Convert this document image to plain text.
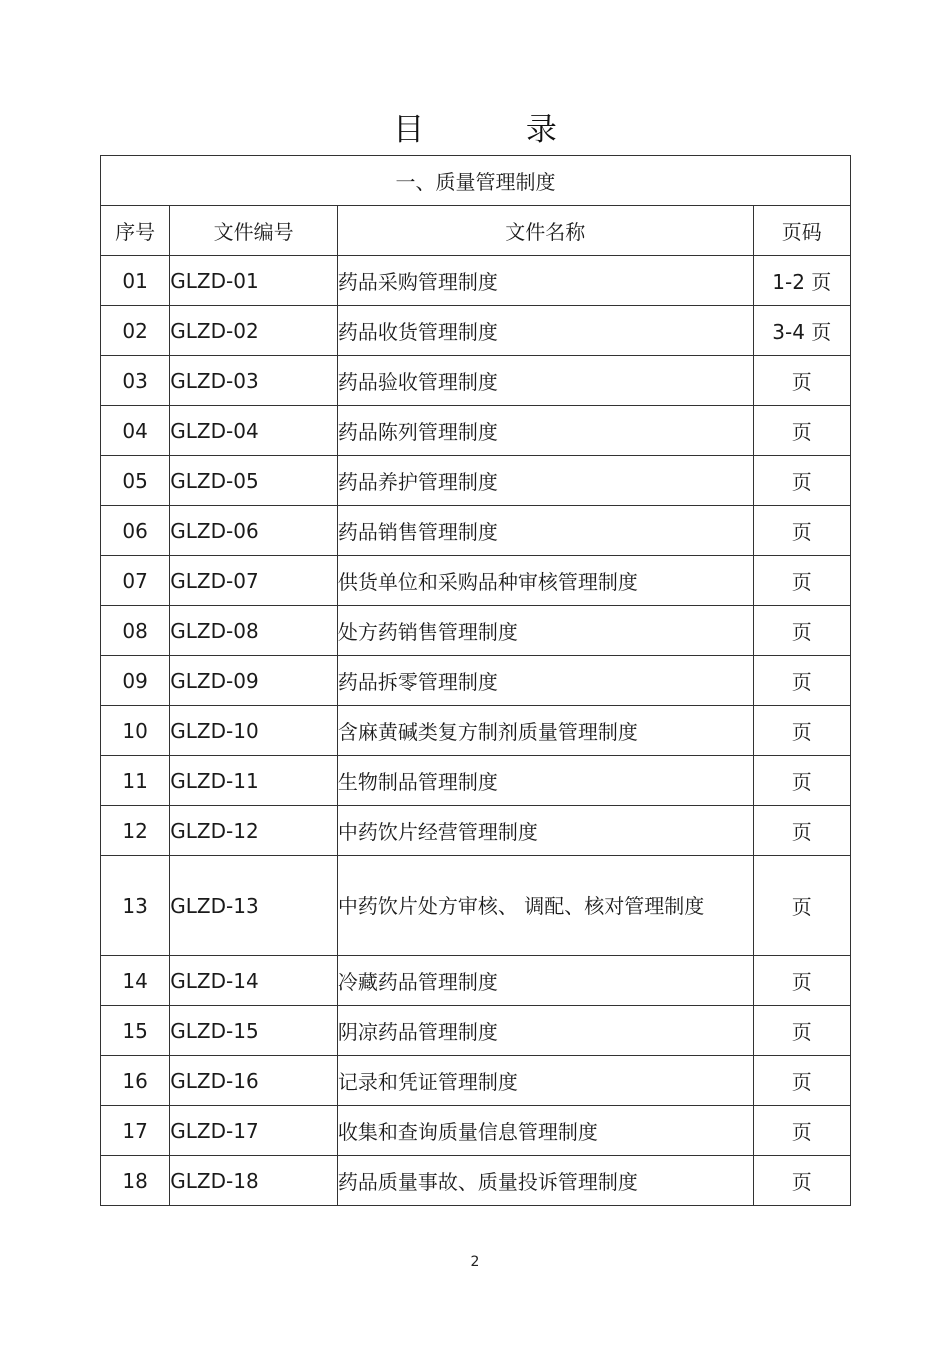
目 录
一、质量管理制度			
序号	文件编号	文件名称	页码
01	GLZD-01	药品采购管理制度	1-2 页
02	GLZD-02	药品收货管理制度	3-4 页
03	GLZD-03	药品验收管理制度	页
04	GLZD-04	药品陈列管理制度	页
05	GLZD-05	药品养护管理制度	页
06	GLZD-06	药品销售管理制度	页
07	GLZD-07	供货单位和采购品种审核管理制度	页
08	GLZD-08	处方药销售管理制度	页
09	GLZD-09	药品拆零管理制度	页
10	GLZD-10	含麻黄碱类复方制剂质量管理制度	页
11	GLZD-11	生物制品管理制度	页
12	GLZD-12	中药饮片经营管理制度	页
13	GLZD-13	中药饮片处方审核、 调配、核对管理制度	页
14	GLZD-14	冷藏药品管理制度	页
15	GLZD-15	阴凉药品管理制度	页
16	GLZD-16	记录和凭证管理制度	页
17	GLZD-17	收集和查询质量信息管理制度	页
18	GLZD-18	药品质量事故、质量投诉管理制度	页
2
